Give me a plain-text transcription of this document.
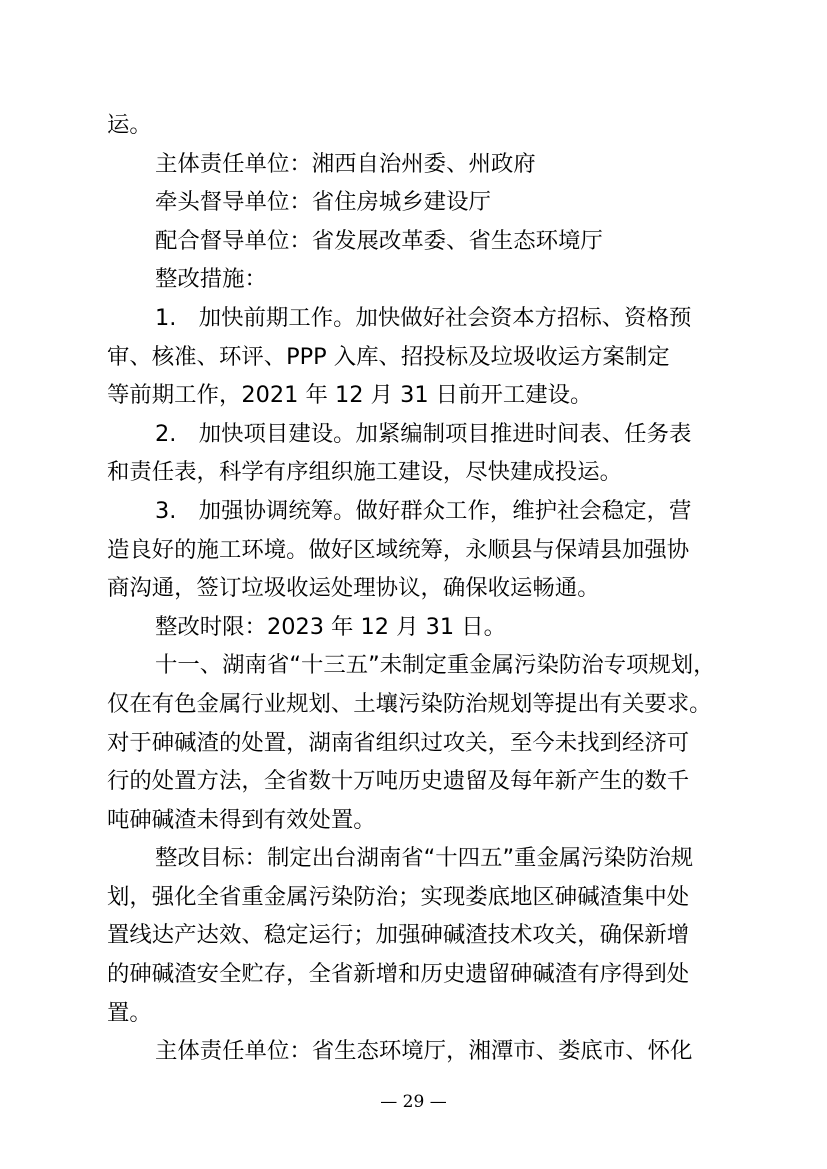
运。
主体责任单位：湘西自治州委、州政府
牵头督导单位：省住房城乡建设厅
配合督导单位：省发展改革委、省生态环境厅
整改措施：
1.　加快前期工作。加快做好社会资本方招标、资格预
审、核准、环评、PPP 入库、招投标及垃圾收运方案制定
等前期工作，2021 年 12 月 31 日前开工建设。
2.　加快项目建设。加紧编制项目推进时间表、任务表
和责任表，科学有序组织施工建设，尽快建成投运。
3.　加强协调统筹。做好群众工作，维护社会稳定，营
造良好的施工环境。做好区域统筹，永顺县与保靖县加强协
商沟通，签订垃圾收运处理协议，确保收运畅通。
整改时限：2023 年 12 月 31 日。
十一、湖南省“十三五”未制定重金属污染防治专项规划，
仅在有色金属行业规划、土壤污染防治规划等提出有关要求。
对于砷碱渣的处置，湖南省组织过攻关，至今未找到经济可
行的处置方法，全省数十万吨历史遗留及每年新产生的数千
吨砷碱渣未得到有效处置。
整改目标：制定出台湖南省“十四五”重金属污染防治规
划，强化全省重金属污染防治；实现娄底地区砷碱渣集中处
置线达产达效、稳定运行；加强砷碱渣技术攻关，确保新增
的砷碱渣安全贮存，全省新增和历史遗留砷碱渣有序得到处
置。
主体责任单位：省生态环境厅，湘潭市、娄底市、怀化
— 29 —
